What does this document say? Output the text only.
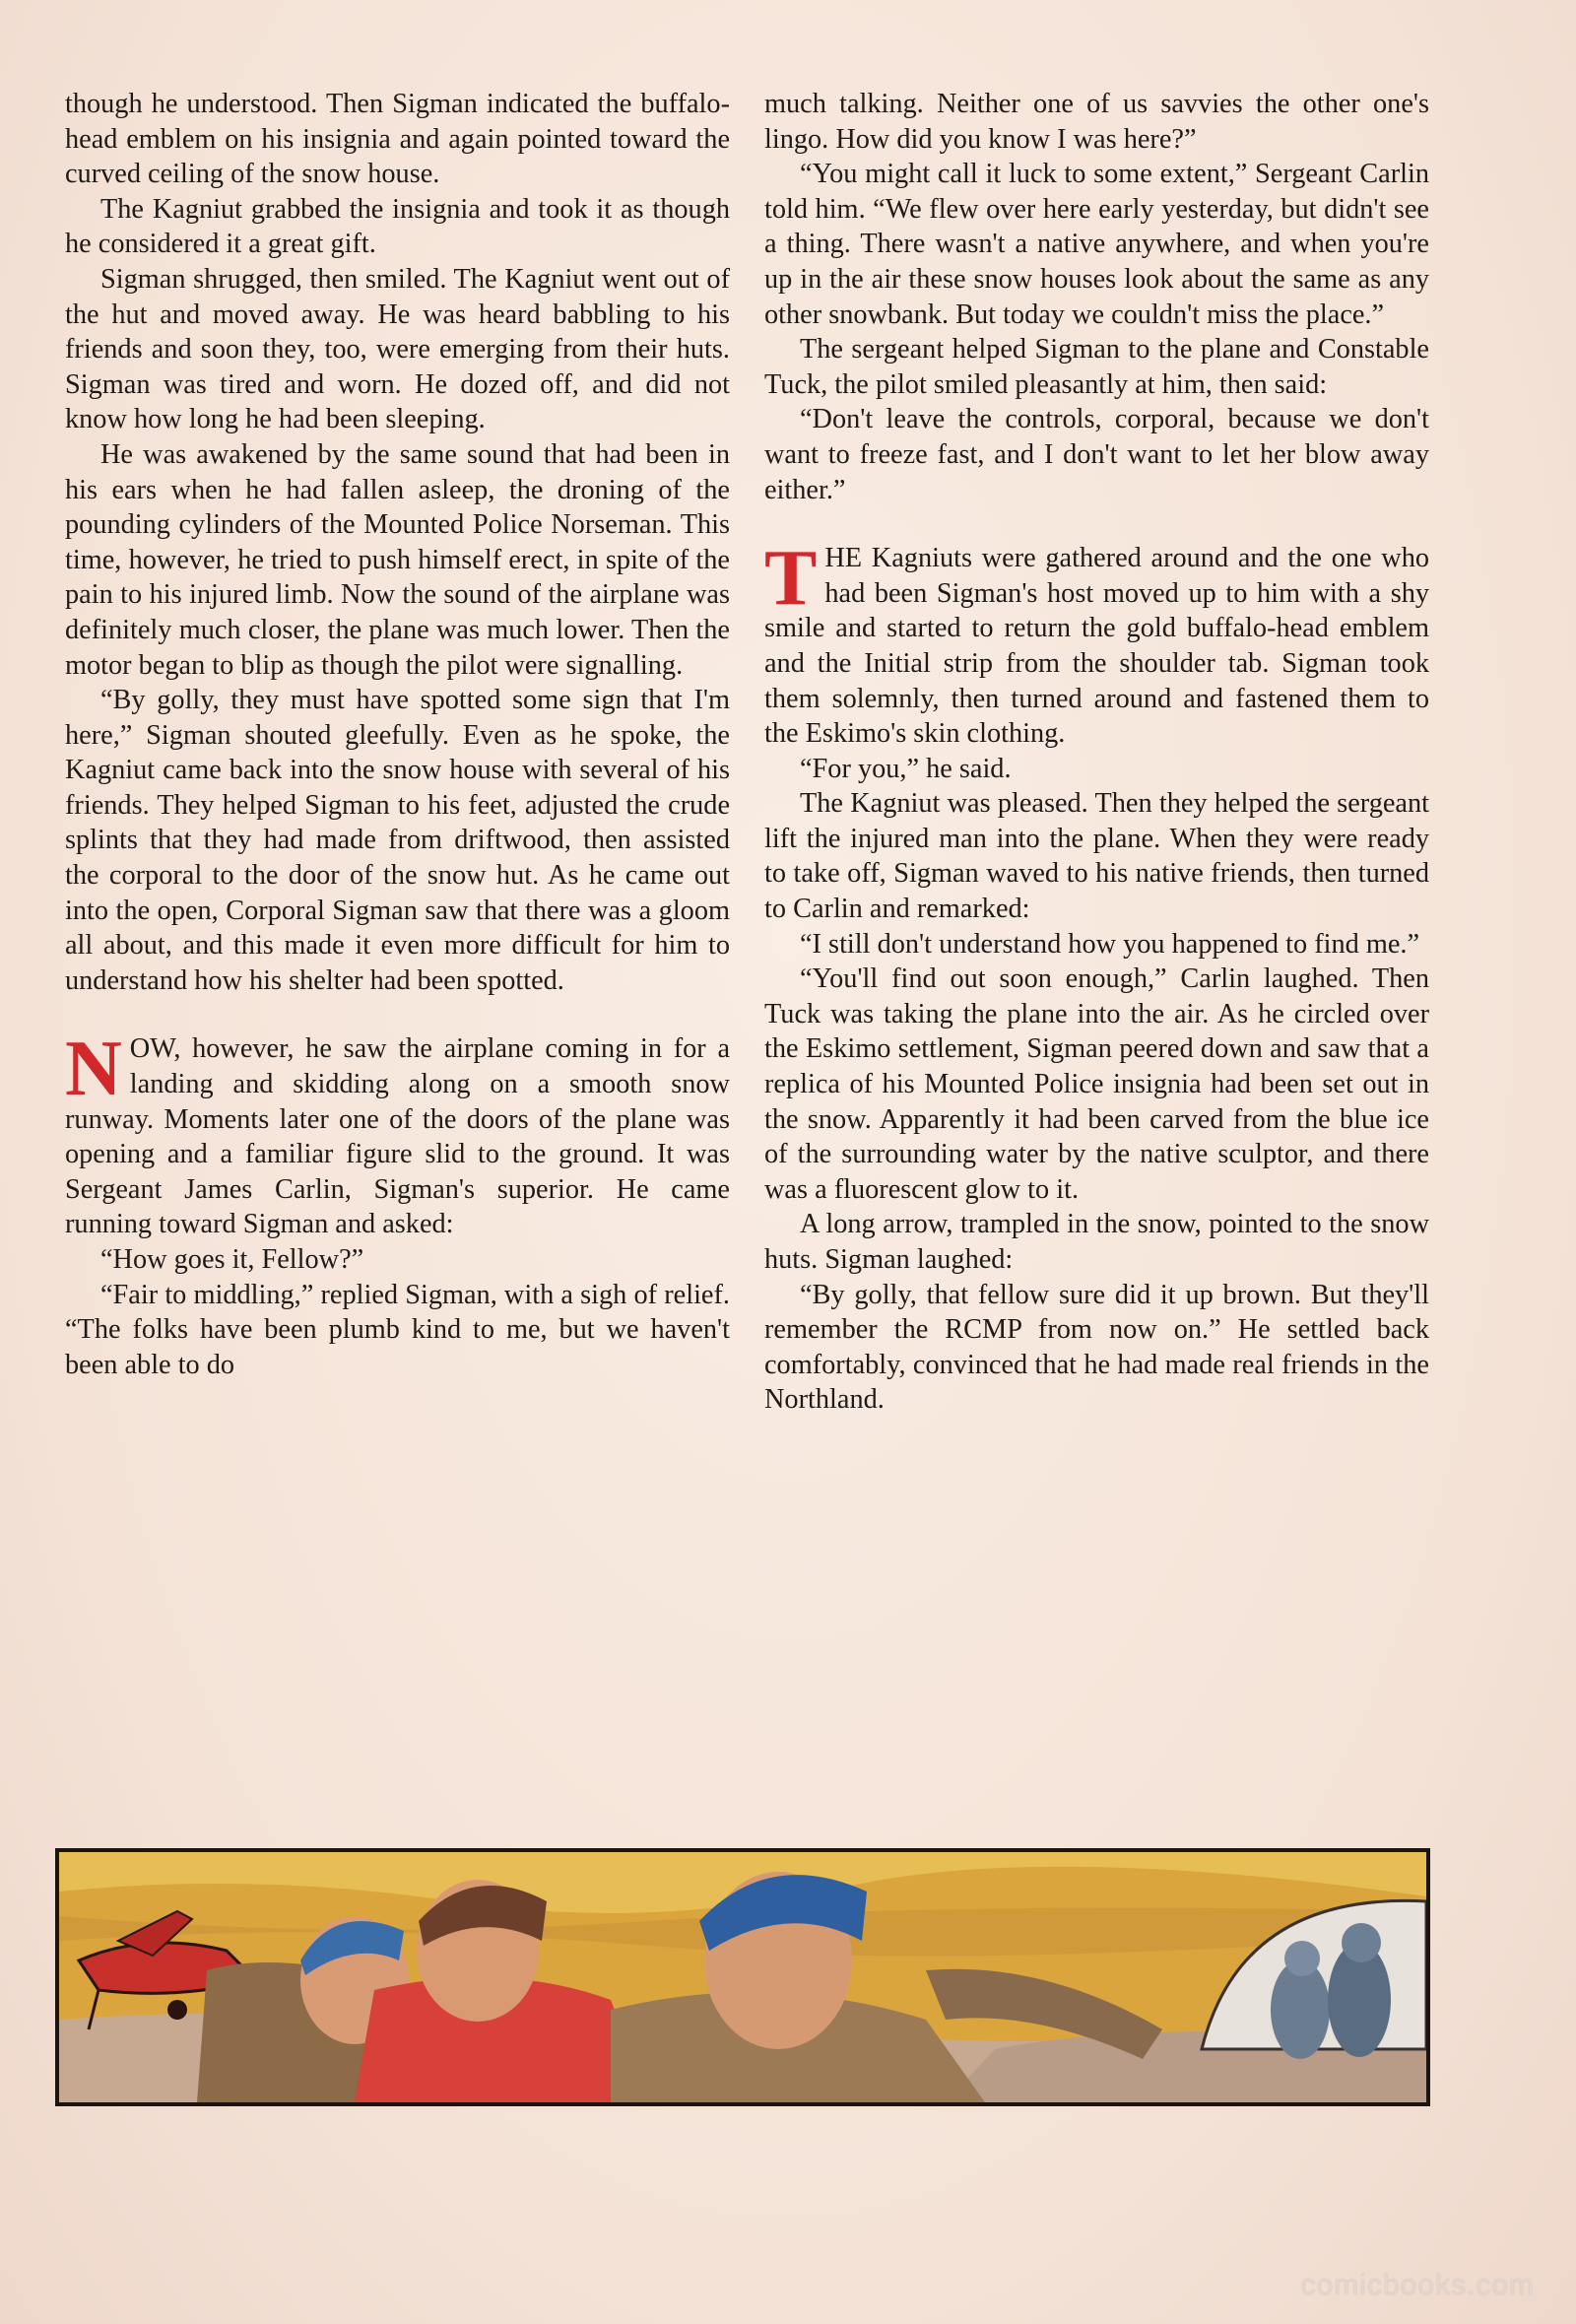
though he understood. Then Sigman indicated the buffalo-head emblem on his insignia and again pointed toward the curved ceiling of the snow house.

The Kagniut grabbed the insignia and took it as though he considered it a great gift.

Sigman shrugged, then smiled. The Kagniut went out of the hut and moved away. He was heard babbling to his friends and soon they, too, were emerging from their huts. Sigman was tired and worn. He dozed off, and did not know how long he had been sleeping.

He was awakened by the same sound that had been in his ears when he had fallen asleep, the droning of the pounding cylinders of the Mounted Police Norseman. This time, however, he tried to push himself erect, in spite of the pain to his injured limb. Now the sound of the airplane was definitely much closer, the plane was much lower. Then the motor began to blip as though the pilot were signalling.

“By golly, they must have spotted some sign that I'm here,” Sigman shouted gleefully. Even as he spoke, the Kagniut came back into the snow house with several of his friends. They helped Sigman to his feet, adjusted the crude splints that they had made from driftwood, then assisted the corporal to the door of the snow hut. As he came out into the open, Corporal Sigman saw that there was a gloom all about, and this made it even more difficult for him to understand how his shelter had been spotted.

NOW, however, he saw the airplane coming in for a landing and skidding along on a smooth snow runway. Moments later one of the doors of the plane was opening and a familiar figure slid to the ground. It was Sergeant James Carlin, Sigman's superior. He came running toward Sigman and asked:

“How goes it, Fellow?”

“Fair to middling,” replied Sigman, with a sigh of relief. “The folks have been plumb kind to me, but we haven't been able to do

much talking. Neither one of us savvies the other one's lingo. How did you know I was here?”

“You might call it luck to some extent,” Sergeant Carlin told him. “We flew over here early yesterday, but didn't see a thing. There wasn't a native anywhere, and when you're up in the air these snow houses look about the same as any other snowbank. But today we couldn't miss the place.”

The sergeant helped Sigman to the plane and Constable Tuck, the pilot smiled pleasantly at him, then said:

“Don't leave the controls, corporal, because we don't want to freeze fast, and I don't want to let her blow away either.”

THE Kagniuts were gathered around and the one who had been Sigman's host moved up to him with a shy smile and started to return the gold buffalo-head emblem and the Initial strip from the shoulder tab. Sigman took them solemnly, then turned around and fastened them to the Eskimo's skin clothing.

“For you,” he said.

The Kagniut was pleased. Then they helped the sergeant lift the injured man into the plane. When they were ready to take off, Sigman waved to his native friends, then turned to Carlin and remarked:

“I still don't understand how you happened to find me.”

“You'll find out soon enough,” Carlin laughed. Then Tuck was taking the plane into the air. As he circled over the Eskimo settlement, Sigman peered down and saw that a replica of his Mounted Police insignia had been set out in the snow. Apparently it had been carved from the blue ice of the surrounding water by the native sculptor, and there was a fluorescent glow to it.

A long arrow, trampled in the snow, pointed to the snow huts. Sigman laughed:

“By golly, that fellow sure did it up brown. But they'll remember the RCMP from now on.” He settled back comfortably, convinced that he had made real friends in the Northland.

comicbooks.com
